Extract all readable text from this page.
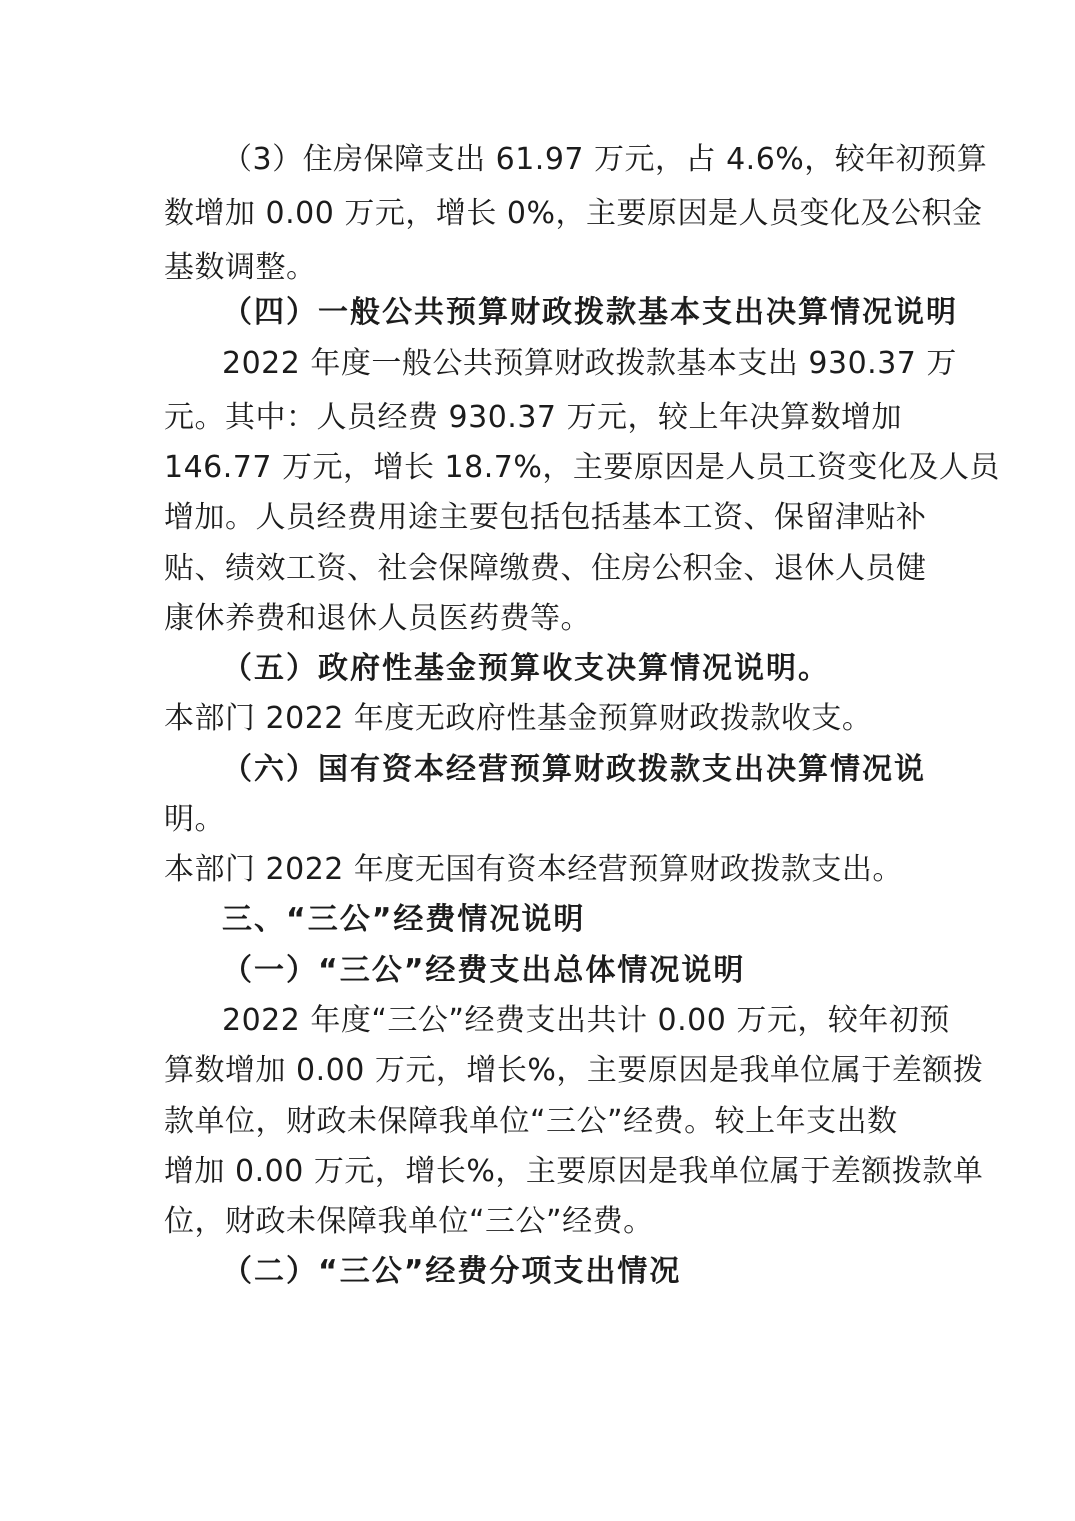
（3）住房保障支出 61.97 万元，占 4.6%，较年初预算
数增加 0.00 万元，增长 0%，主要原因是人员变化及公积金
基数调整。
（四）一般公共预算财政拨款基本支出决算情况说明
2022 年度一般公共预算财政拨款基本支出 930.37 万
元。其中：人员经费 930.37 万元，较上年决算数增加
146.77 万元，增长 18.7%，主要原因是人员工资变化及人员
增加。人员经费用途主要包括包括基本工资、保留津贴补
贴、绩效工资、社会保障缴费、住房公积金、退休人员健
康休养费和退休人员医药费等。
（五）政府性基金预算收支决算情况说明。
本部门 2022 年度无政府性基金预算财政拨款收支。
（六）国有资本经营预算财政拨款支出决算情况说
明。
本部门 2022 年度无国有资本经营预算财政拨款支出。
三、“三公”经费情况说明
（一）“三公”经费支出总体情况说明
2022 年度“三公”经费支出共计 0.00 万元，较年初预
算数增加 0.00 万元，增长%，主要原因是我单位属于差额拨
款单位，财政未保障我单位“三公”经费。较上年支出数
增加 0.00 万元，增长%，主要原因是我单位属于差额拨款单
位，财政未保障我单位“三公”经费。
（二）“三公”经费分项支出情况
